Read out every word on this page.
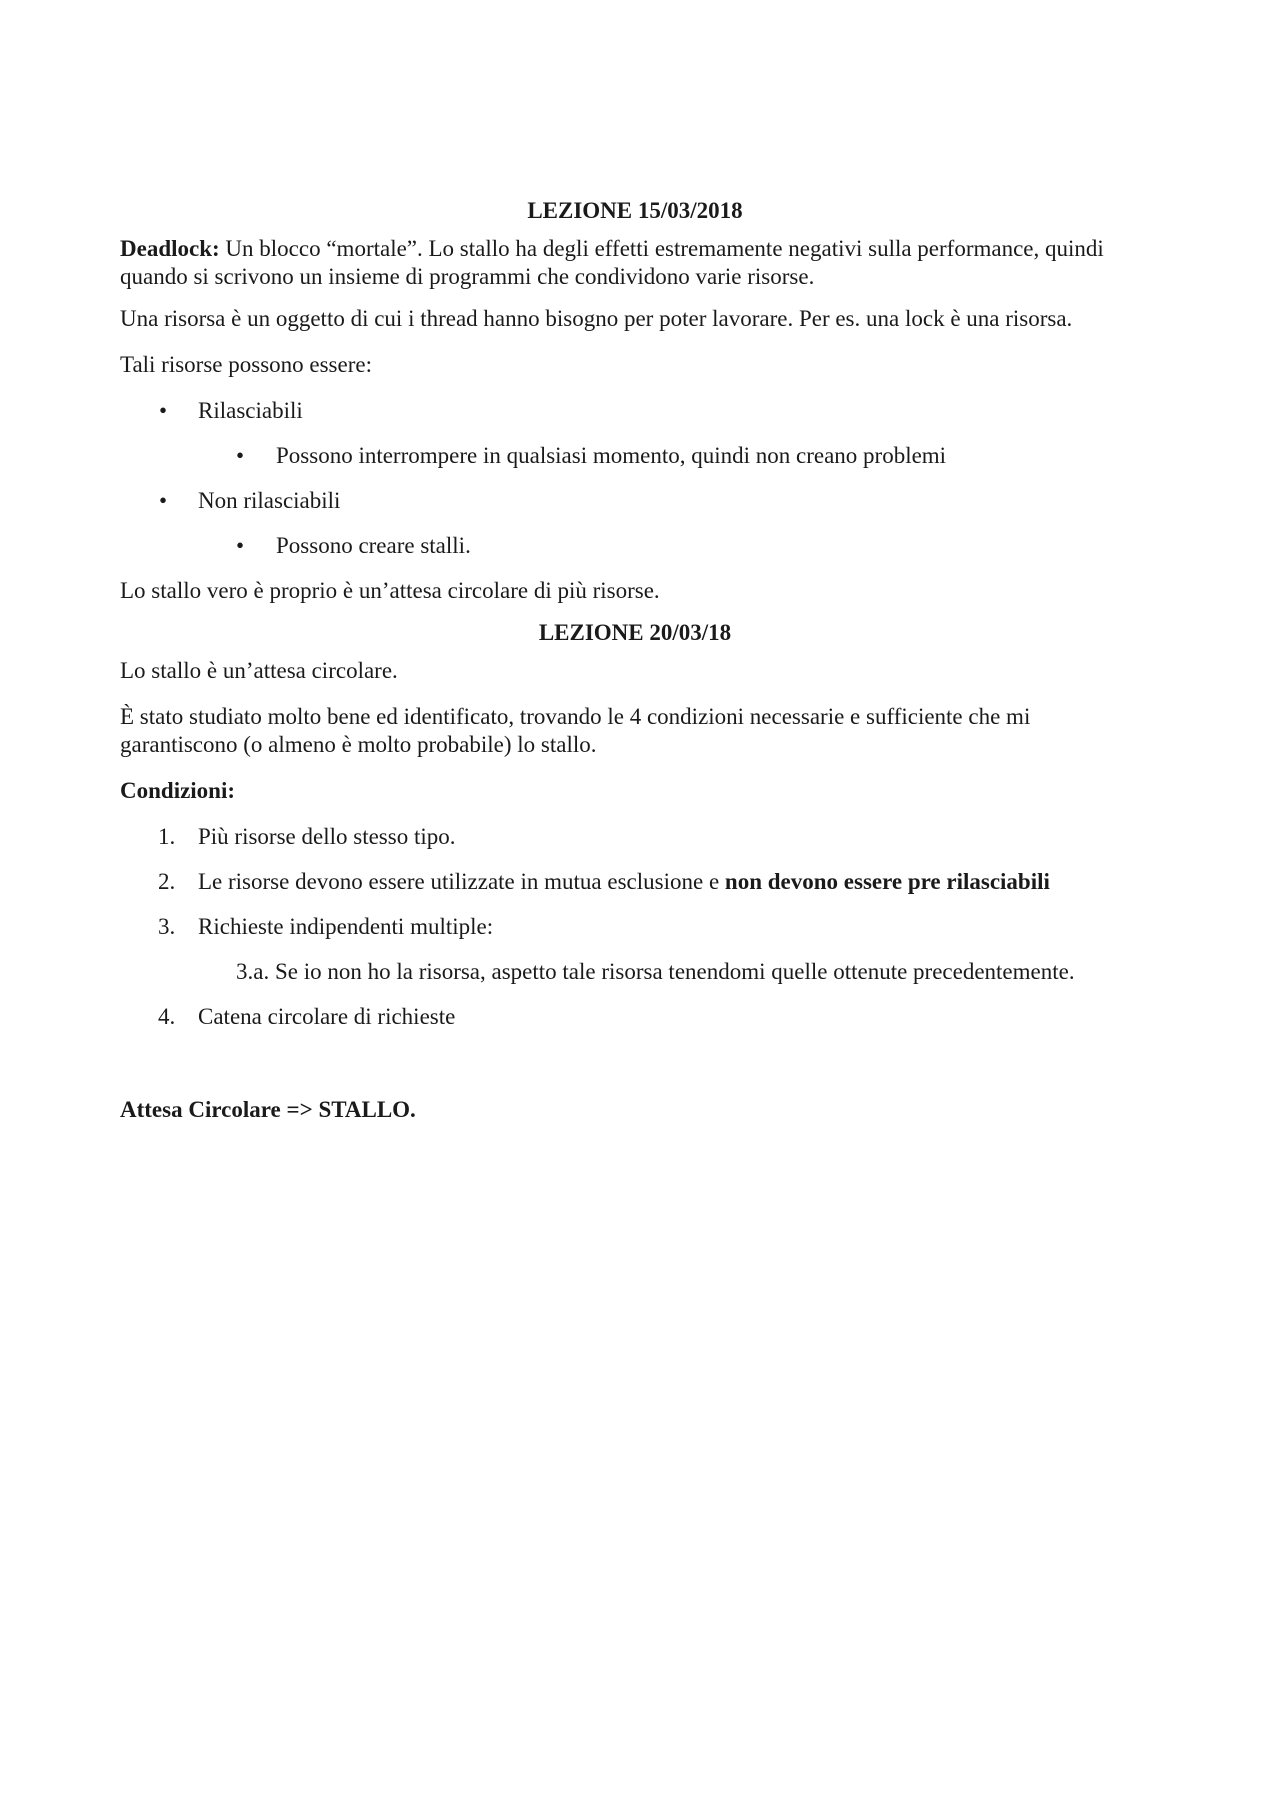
LEZIONE 15/03/2018
Deadlock: Un blocco “mortale”. Lo stallo ha degli effetti estremamente negativi sulla performance, quindi quando si scrivono un insieme di programmi che condividono varie risorse.
Una risorsa è un oggetto di cui i thread hanno bisogno per poter lavorare. Per es. una lock è una risorsa.
Tali risorse possono essere:
• Rilasciabili
• Possono interrompere in qualsiasi momento, quindi non creano problemi
• Non rilasciabili
• Possono creare stalli.
Lo stallo vero è proprio è un’attesa circolare di più risorse.
LEZIONE 20/03/18
Lo stallo è un’attesa circolare.
È stato studiato molto bene ed identificato, trovando le 4 condizioni necessarie e sufficiente che mi garantiscono (o almeno è molto probabile) lo stallo.
Condizioni:
1. Più risorse dello stesso tipo.
2. Le risorse devono essere utilizzate in mutua esclusione e non devono essere pre rilasciabili
3. Richieste indipendenti multiple:
3.a. Se io non ho la risorsa, aspetto tale risorsa tenendomi quelle ottenute precedentemente.
4. Catena circolare di richieste
Attesa Circolare => STALLO.
